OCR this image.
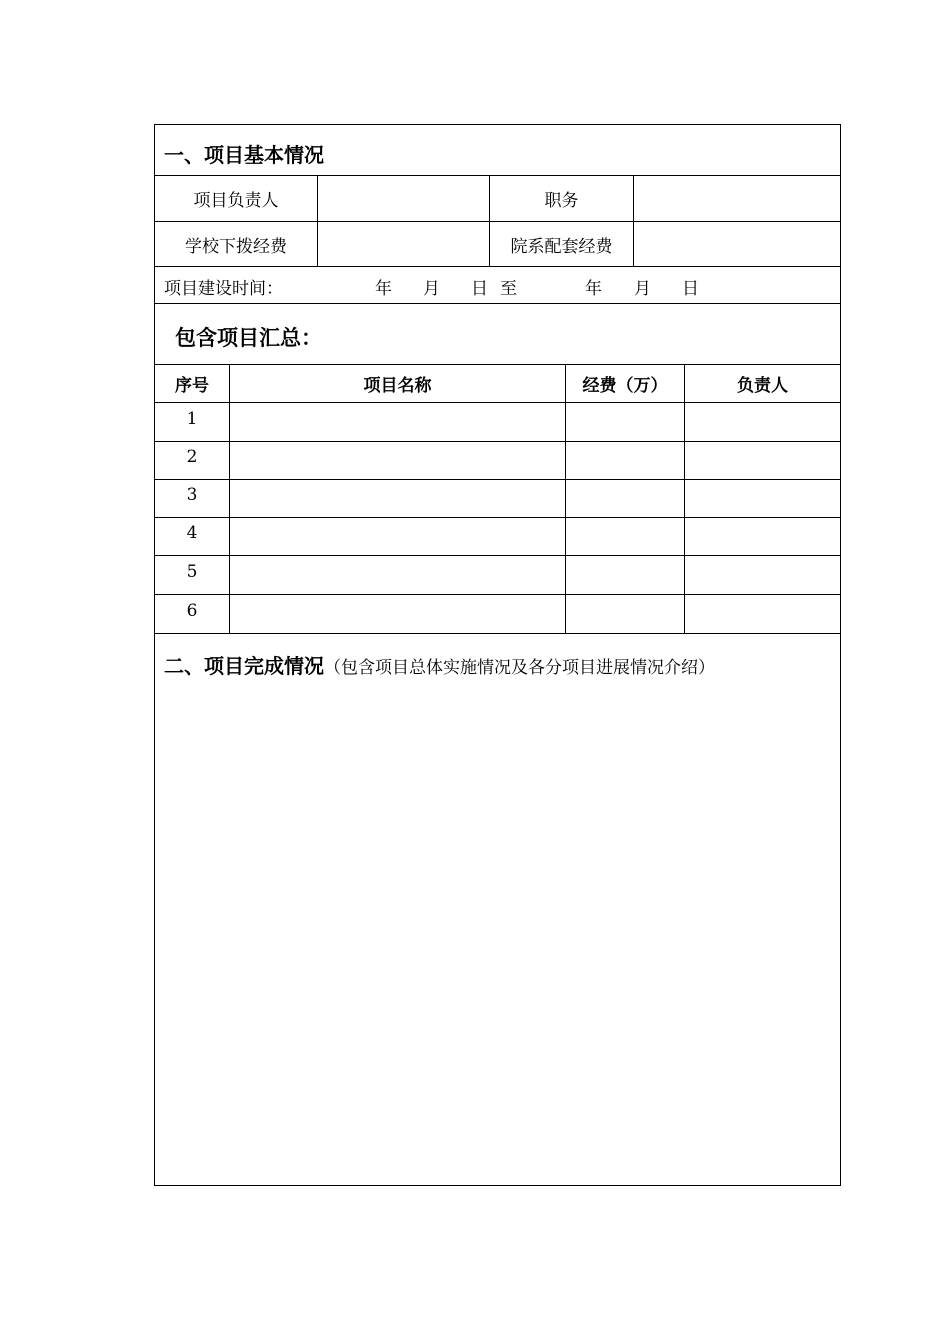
一、项目基本情况
项目负责人	职务
学校下拨经费	院系配套经费
项目建设时间：	年 月 日 至	年 月 日
包含项目汇总：
序号	项目名称	经费（万）	负责人
1
2
3
4
5
6
二、项目完成情况（包含项目总体实施情况及各分项目进展情况介绍）
